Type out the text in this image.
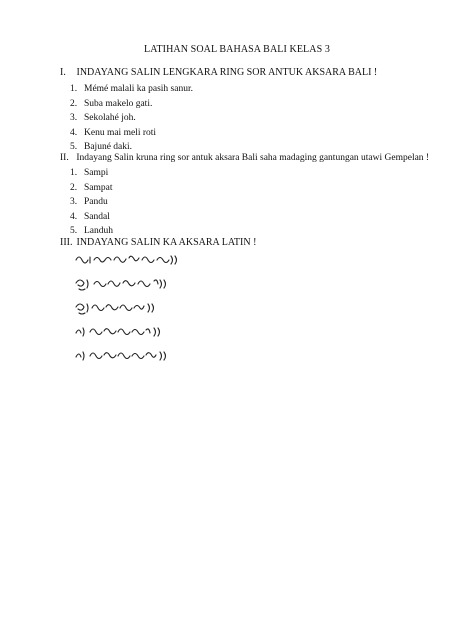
LATIHAN SOAL BAHASA BALI KELAS 3
I. INDAYANG SALIN LENGKARA RING SOR ANTUK AKSARA BALI !
1. Mémé malali ka pasih sanur.
2. Suba makelo gati.
3. Sekolahé joh.
4. Kenu mai meli roti
5. Bajuné daki.
II. Indayang Salin kruna ring sor antuk aksara Bali saha madaging gantungan utawi Gempelan !
1. Sampi
2. Sampat
3. Pandu
4. Sandal
5. Landuh
III. INDAYANG SALIN KA AKSARA LATIN !
